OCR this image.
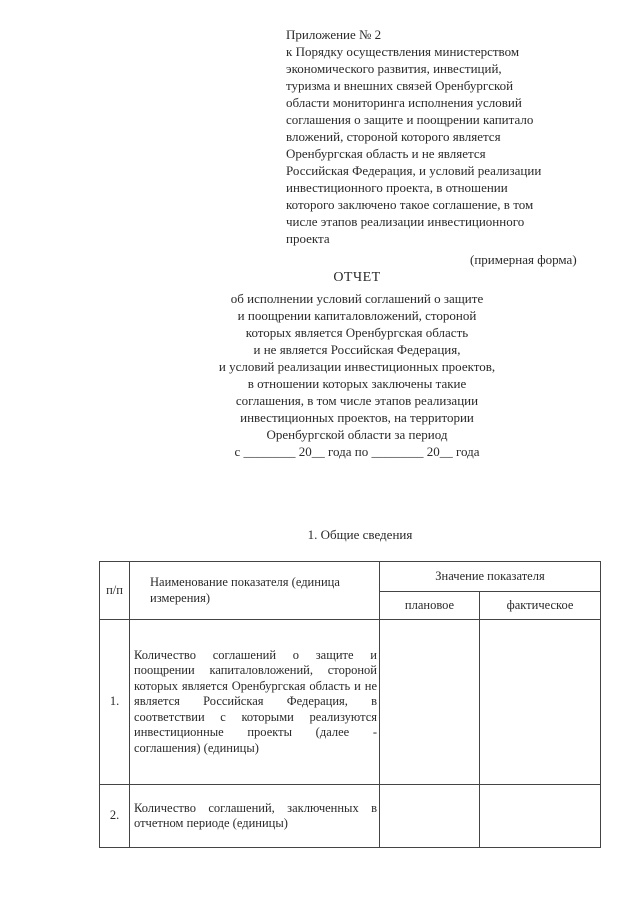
Приложение № 2
к Порядку осуществления министерством
экономического развития, инвестиций,
туризма и внешних связей Оренбургской
области мониторинга исполнения условий
соглашения о защите и поощрении капитало
вложений, стороной которого является
Оренбургская область и не является
Российская Федерация, и условий реализации
инвестиционного проекта, в отношении
которого заключено такое соглашение, в том
числе этапов реализации инвестиционного
проекта
(примерная форма)
ОТЧЕТ
об исполнении условий соглашений о защите
и поощрении капиталовложений, стороной
которых является Оренбургская область
и не является Российская Федерация,
и условий реализации инвестиционных проектов,
в отношении которых заключены такие
соглашения, в том числе этапов реализации
инвестиционных проектов, на территории
Оренбургской области за период
с ________ 20__ года по ________ 20__ года
1. Общие сведения
п/п	Наименование показателя (единица измерения)	Значение показателя	
		плановое	фактическое
1.	Количество соглашений о защите и поощрении капиталовложений, стороной которых является Оренбургская область и не является Российская Федерация, в соответствии с которыми реализуются инвестиционные проекты (далее - соглашения) (единицы)		
2.	Количество соглашений, заключенных в отчетном периоде (единицы)		
